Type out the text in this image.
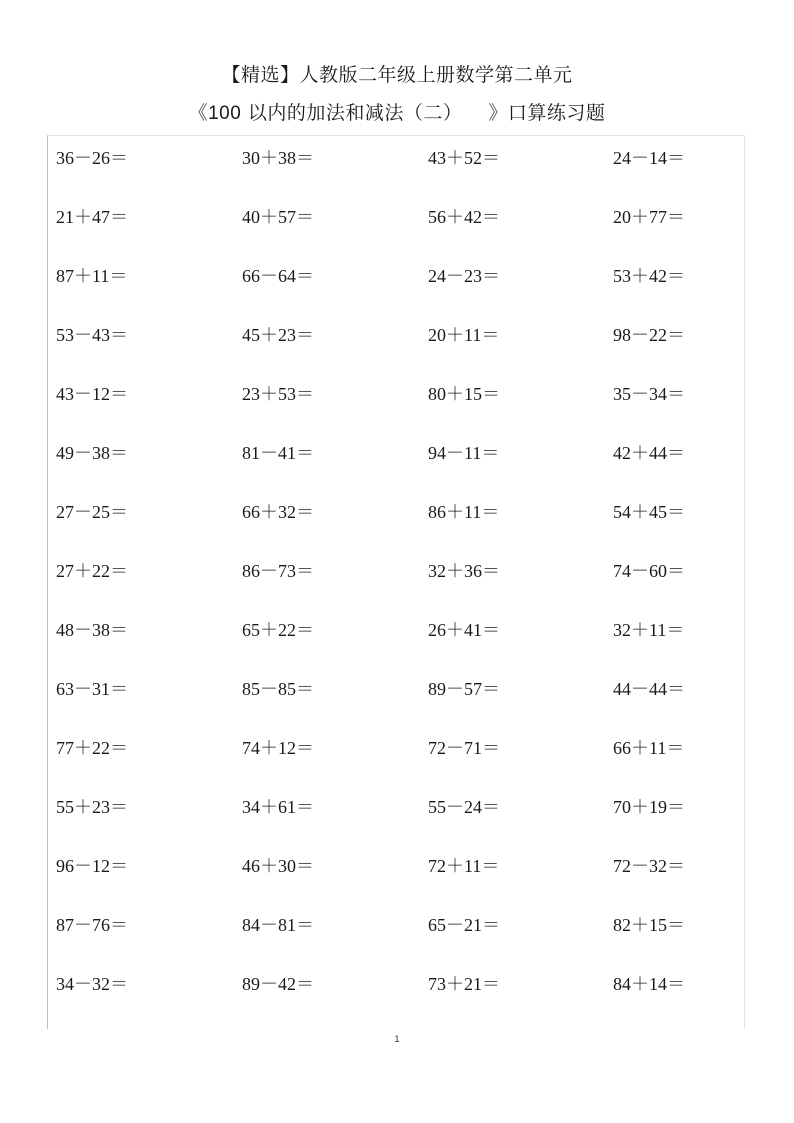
【精选】人教版二年级上册数学第二单元
《100 以内的加法和减法（二） 》口算练习题
36－26＝	30＋38＝	43＋52＝	24－14＝
21＋47＝	40＋57＝	56＋42＝	20＋77＝
87＋11＝	66－64＝	24－23＝	53＋42＝
53－43＝	45＋23＝	20＋11＝	98－22＝
43－12＝	23＋53＝	80＋15＝	35－34＝
49－38＝	81－41＝	94－11＝	42＋44＝
27－25＝	66＋32＝	86＋11＝	54＋45＝
27＋22＝	86－73＝	32＋36＝	74－60＝
48－38＝	65＋22＝	26＋41＝	32＋11＝
63－31＝	85－85＝	89－57＝	44－44＝
77＋22＝	74＋12＝	72－71＝	66＋11＝
55＋23＝	34＋61＝	55－24＝	70＋19＝
96－12＝	46＋30＝	72＋11＝	72－32＝
87－76＝	84－81＝	65－21＝	82＋15＝
34－32＝	89－42＝	73＋21＝	84＋14＝
1
